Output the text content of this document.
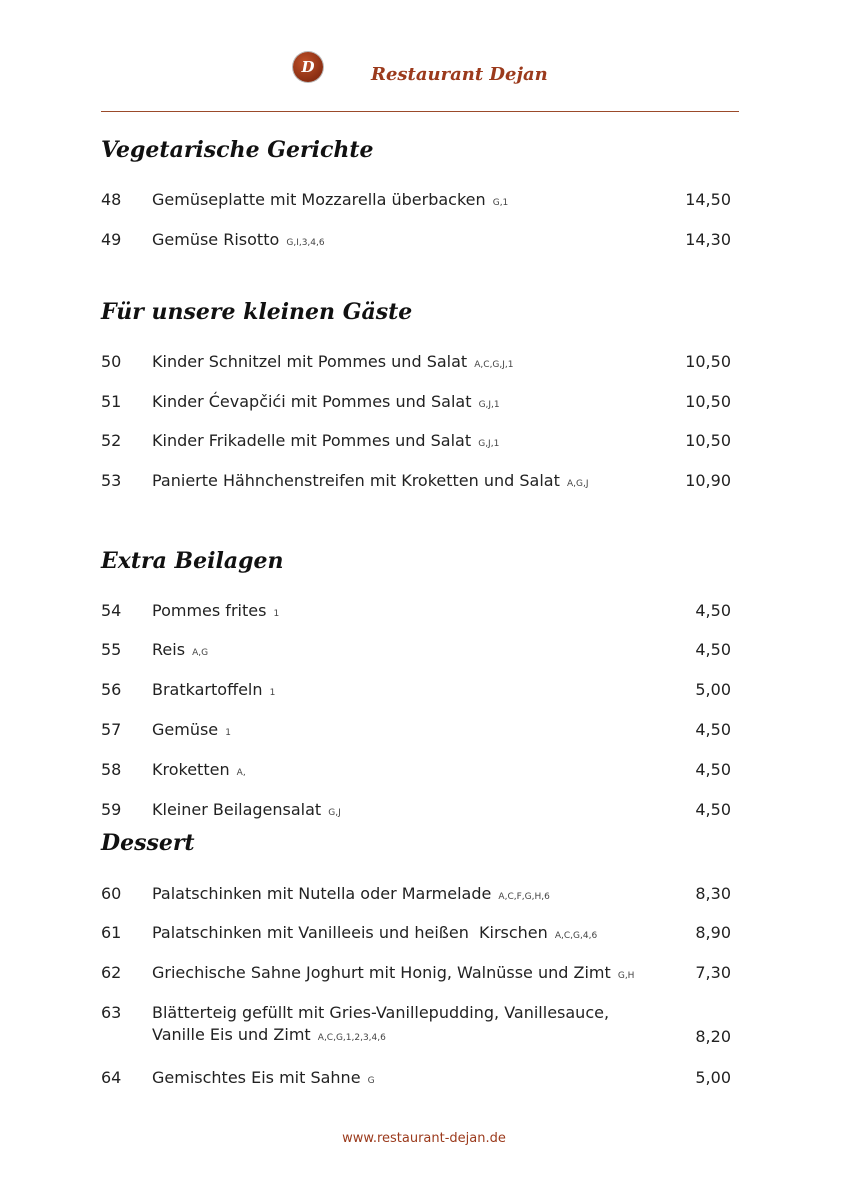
D	Restaurant Dejan
Vegetarische Gerichte
48 Gemüseplatte mit Mozzarella überbacken G,1	14,50
49 Gemüse Risotto G,I,3,4,6	14,30
Für unsere kleinen Gäste
50 Kinder Schnitzel mit Pommes und Salat A,C,G,J,1	10,50
51 Kinder Ćevapčići mit Pommes und Salat G,J,1	10,50
52 Kinder Frikadelle mit Pommes und Salat G,J,1	10,50
53 Panierte Hähnchenstreifen mit Kroketten und Salat A,G,J	10,90
Extra Beilagen
54 Pommes frites 1	4,50
55 Reis A,G	4,50
56 Bratkartoffeln 1	5,00
57 Gemüse 1	4,50
58 Kroketten A,	4,50
59 Kleiner Beilagensalat G,J	4,50
Dessert
60 Palatschinken mit Nutella oder Marmelade A,C,F,G,H,6	8,30
61 Palatschinken mit Vanilleeis und heißen  Kirschen A,C,G,4,6	8,90
62 Griechische Sahne Joghurt mit Honig, Walnüsse und Zimt G,H	7,30
63 Blätterteig gefüllt mit Gries-Vanillepudding, Vanillesauce,
Vanille Eis und Zimt A,C,G,1,2,3,4,6	8,20
64 Gemischtes Eis mit Sahne G	5,00
www.restaurant-dejan.de
